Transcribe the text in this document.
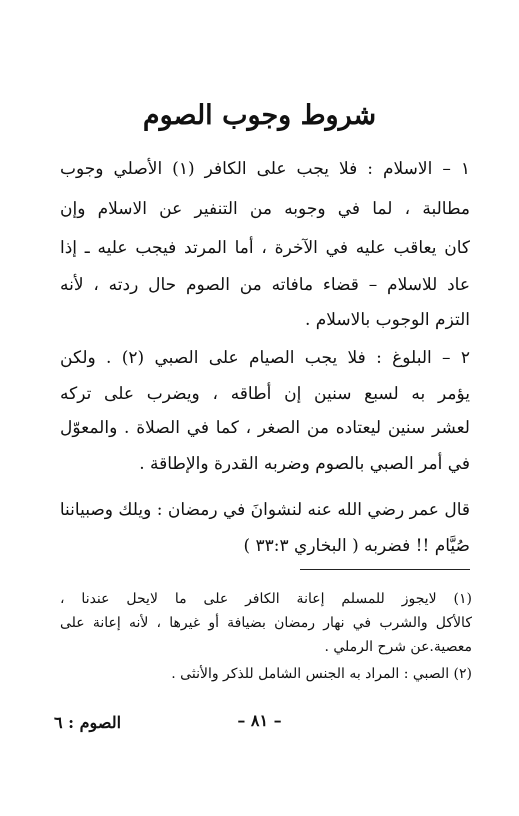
شروط وجوب الصوم
١ – الاسلام : فلا يجب على الكافر (١) الأصلي وجوب
مطالبة ، لما في وجوبه من التنفير عن الاسلام وإن
كان يعاقب عليه في الآخرة ، أما المرتد فيجب عليه ـ إذا
عاد للاسلام – قضاء مافاته من الصوم حال ردته ، لأنه
التزم الوجوب بالاسلام .
٢ – البلوغ : فلا يجب الصيام على الصبي (٢) . ولكن
يؤمر به لسبع سنين إن أطاقه ، ويضرب على تركه
لعشر سنين ليعتاده من الصغر ، كما في الصلاة . والمعوّل
في أمر الصبي بالصوم وضربه القدرة والإطاقة .
قال عمر رضي الله عنه لنشوانَ في رمضان : ويلك وصبياننا
صُيَّام !! فضربه ( البخاري ٣٣:٣ )
(١) لايجوز للمسلم إعانة الكافر على ما لايحل عندنا ،
كالأكل والشرب في نهار رمضان بضيافة أو غيرها ، لأنه إعانة على
معصية.عن شرح الرملي .
(٢) الصبي : المراد به الجنس الشامل للذكر والأنثى .
– ٨١ –
الصوم : ٦
